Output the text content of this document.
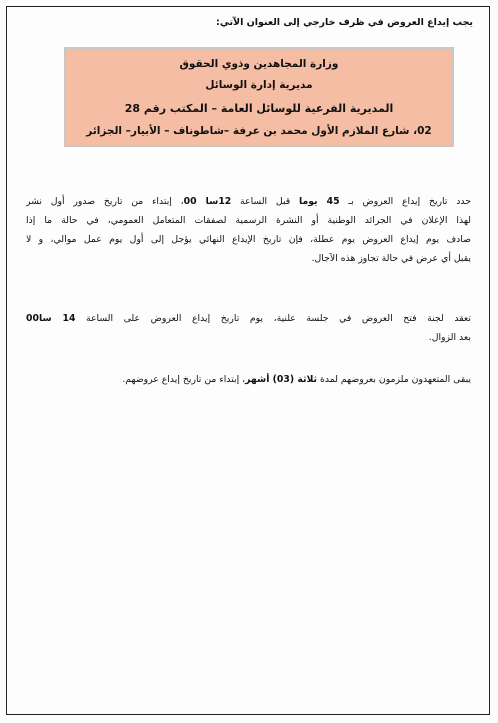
يجب إيداع العروض في ظرف خارجي إلى العنوان الآتي:
وزارة المجاهدين وذوي الحقوق
مديرية إدارة الوسائل
المديرية الفرعية للوسائل العامة – المكتب رقم 28
02، شارع الملازم الأول محمد بن عرفة –شاطوناف – الأبيار– الجزائر
حدد تاريخ إيداع العروض بـ 45 يوما قبل الساعة 12سا 00، إبتداء من تاريخ صدور أول نشر
لهذا الإعلان في الجرائد الوطنية أو النشرة الرسمية لصفقات المتعامل العمومي، في حالة ما إذا
صادف يوم إيداع العروض يوم عطلة، فإن تاريخ الإيداع النهائي يؤجل إلى أول يوم عمل موالي، و لا
يقبل أي عرض في حالة تجاوز هذه الآجال.
تعقد لجنة فتح العروض في جلسة علنية، يوم تاريخ إيداع العروض على الساعة 14 سا00
بعد الزوال.
يبقى المتعهدون ملزمون بعروضهم لمدة ثلاثة (03) أشهر، إبتداء من تاريخ إيداع عروضهم.
